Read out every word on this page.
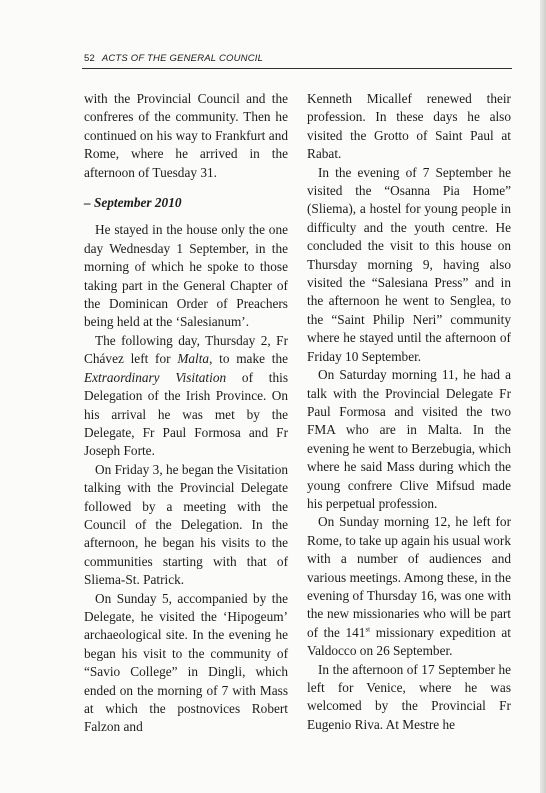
52 ACTS OF THE GENERAL COUNCIL

with the Provincial Council and the confreres of the community. Then he continued on his way to Frankfurt and Rome, where he arrived in the afternoon of Tuesday 31.

– September 2010

He stayed in the house only the one day Wednesday 1 September, in the morning of which he spoke to those taking part in the General Chapter of the Dominican Order of Preachers being held at the ‘Salesianum’.

The following day, Thursday 2, Fr Chávez left for Malta, to make the Extraordinary Visitation of this Delegation of the Irish Province. On his arrival he was met by the Delegate, Fr Paul Formosa and Fr Joseph Forte.

On Friday 3, he began the Visitation talking with the Provincial Delegate followed by a meeting with the Council of the Delegation. In the afternoon, he began his visits to the communities starting with that of Sliema-St. Patrick.

On Sunday 5, accompanied by the Delegate, he visited the ‘Hipogeum’ archaeological site. In the evening he began his visit to the community of “Savio College” in Dingli, which ended on the morning of 7 with Mass at which the postnovices Robert Falzon and

Kenneth Micallef renewed their profession. In these days he also visited the Grotto of Saint Paul at Rabat.

In the evening of 7 September he visited the “Osanna Pia Home” (Sliema), a hostel for young people in difficulty and the youth centre. He concluded the visit to this house on Thursday morning 9, having also visited the “Salesiana Press” and in the afternoon he went to Senglea, to the “Saint Philip Neri” community where he stayed until the afternoon of Friday 10 September.

On Saturday morning 11, he had a talk with the Provincial Delegate Fr Paul Formosa and visited the two FMA who are in Malta. In the evening he went to Berzebugia, which where he said Mass during which the young confrere Clive Mifsud made his perpetual profession.

On Sunday morning 12, he left for Rome, to take up again his usual work with a number of audiences and various meetings. Among these, in the evening of Thursday 16, was one with the new missionaries who will be part of the 141st missionary expedition at Valdocco on 26 September.

In the afternoon of 17 September he left for Venice, where he was welcomed by the Provincial Fr Eugenio Riva. At Mestre he
